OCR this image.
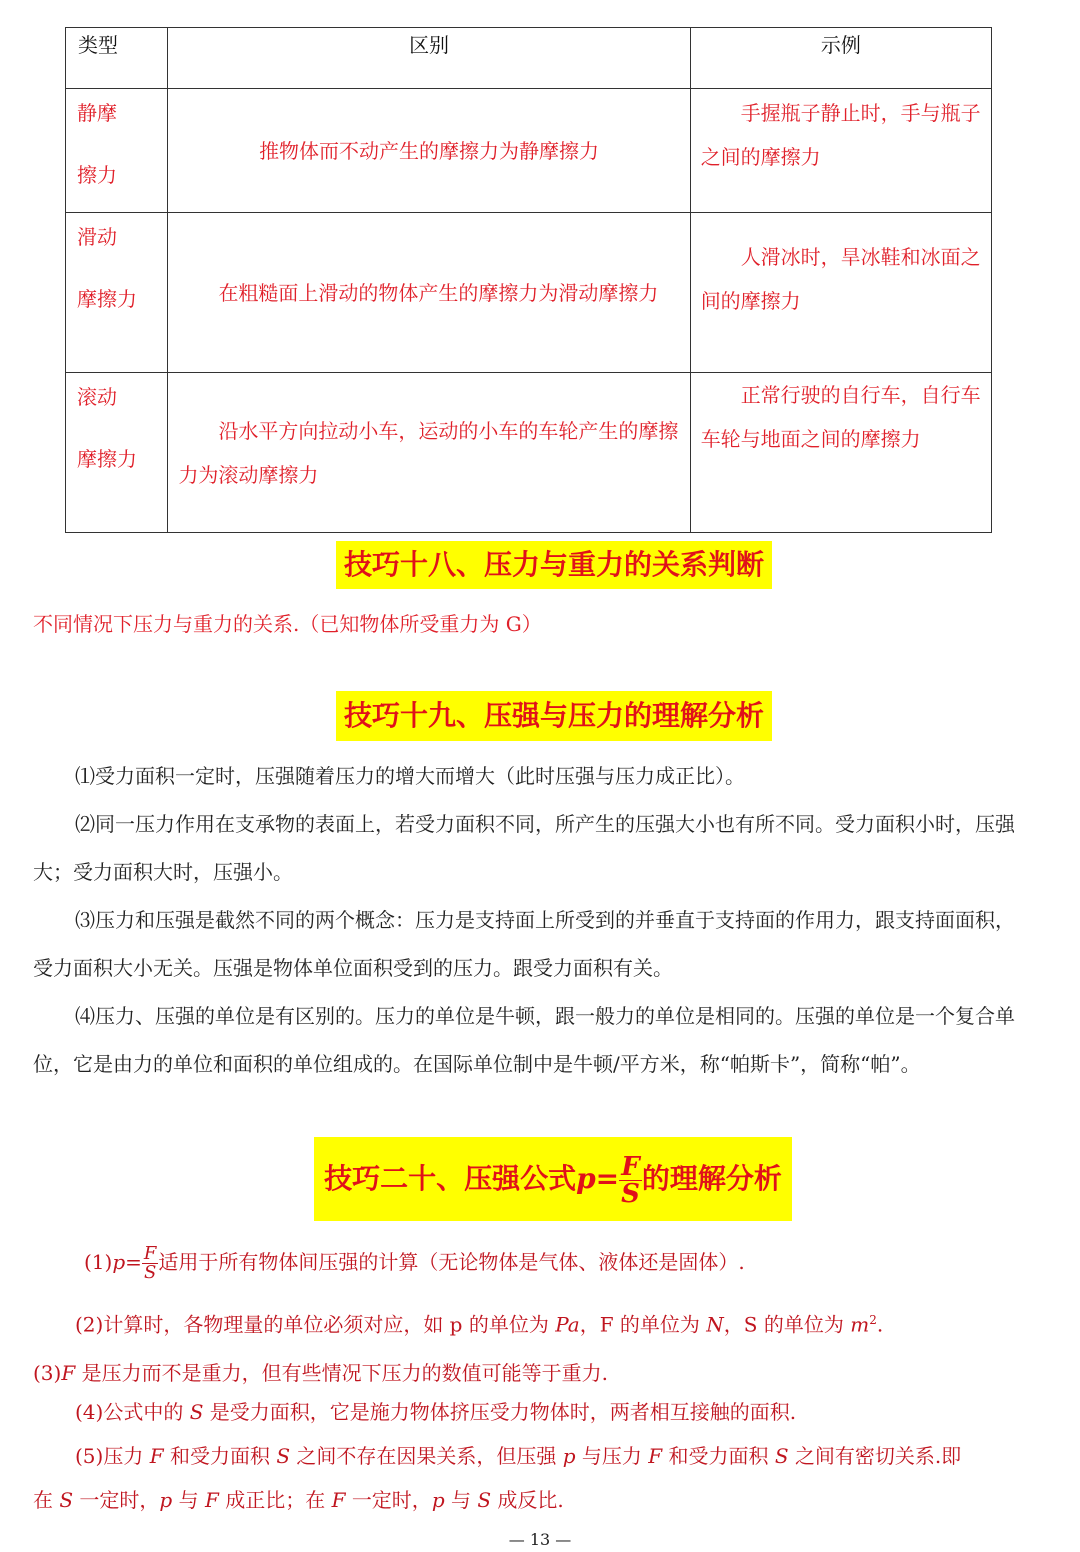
类型	区别	示例

静摩
擦力	推物体而不动产生的摩擦力为静摩擦力	手握瓶子静止时，手与瓶子之间的摩擦力

滑动
摩擦力	在粗糙面上滑动的物体产生的摩擦力为滑动摩擦力	人滑冰时，旱冰鞋和冰面之间的摩擦力

滚动
摩擦力	沿水平方向拉动小车，运动的小车的车轮产生的摩擦力为滚动摩擦力	正常行驶的自行车，自行车车轮与地面之间的摩擦力
技巧十八、压力与重力的关系判断
不同情况下压力与重力的关系.（已知物体所受重力为 G）
技巧十九、压强与压力的理解分析
⑴受力面积一定时，压强随着压力的增大而增大（此时压强与压力成正比）。
⑵同一压力作用在支承物的表面上，若受力面积不同，所产生的压强大小也有所不同。受力面积小时，压强大；受力面积大时，压强小。
⑶压力和压强是截然不同的两个概念：压力是支持面上所受到的并垂直于支持面的作用力，跟支持面面积，受力面积大小无关。压强是物体单位面积受到的压力。跟受力面积有关。
⑷压力、压强的单位是有区别的。压力的单位是牛顿，跟一般力的单位是相同的。压强的单位是一个复合单位，它是由力的单位和面积的单位组成的。在国际单位制中是牛顿/平方米，称“帕斯卡”，简称“帕”。
技巧二十、压强公式$p= \frac{F}{S}$ 的理解分析
$(1)p= \frac{F}{S}$ 适用于所有物体间压强的计算（无论物体是气体、液体还是固体）.
(2)计算时，各物理量的单位必须对应，如 p 的单位为 Pa，F 的单位为 N，S 的单位为 $m^2$.
(3)F 是压力而不是重力，但有些情况下压力的数值可能等于重力.
(4)公式中的 S 是受力面积，它是施力物体挤压受力物体时，两者相互接触的面积.
(5)压力 F 和受力面积 S 之间不存在因果关系，但压强 p 与压力 F 和受力面积 S 之间有密切关系.即
在 S 一定时，p 与 F 成正比；在 F 一定时，p 与 S 成反比.
— 13 —
